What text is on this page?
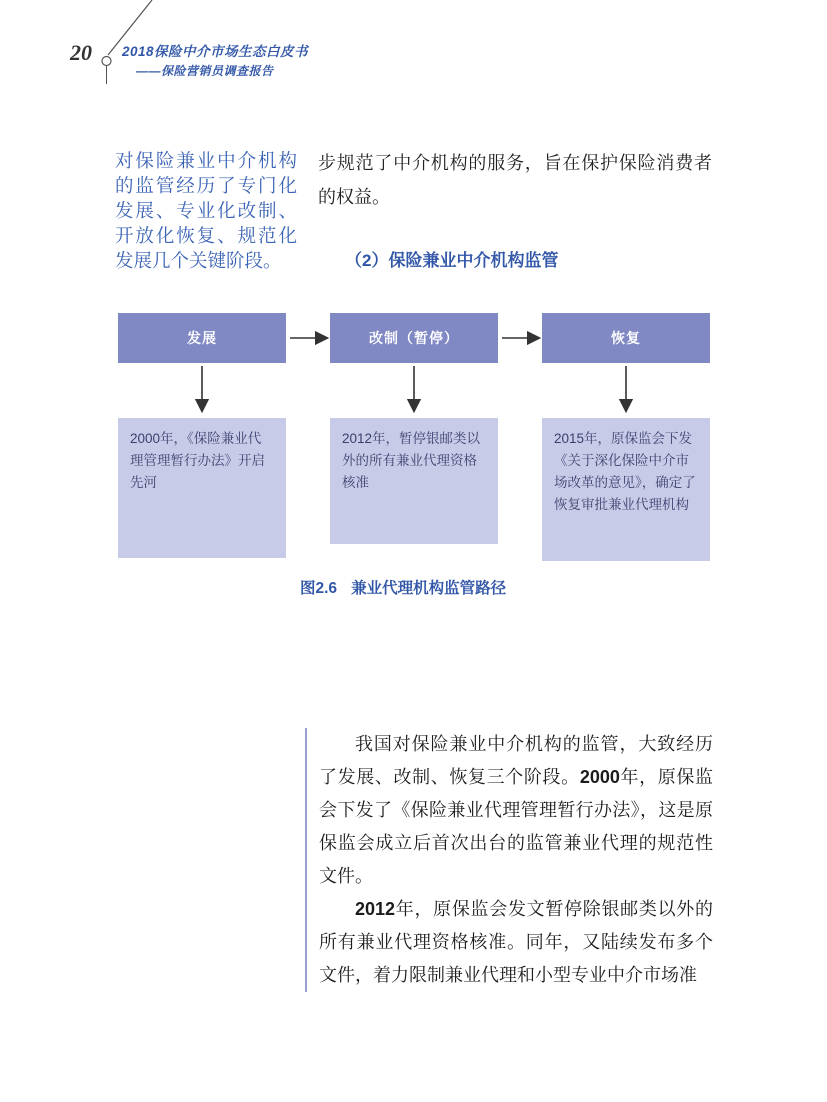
20 2018保险中介市场生态白皮书
——保险营销员调查报告
对保险兼业中介机构的监管经历了专门化发展、专业化改制、开放化恢复、规范化发展几个关键阶段。
步规范了中介机构的服务，旨在保护保险消费者的权益。
（2）保险兼业中介机构监管
发展	改制（暂停）	恢复
2000年，《保险兼业代理管理暂行办法》开启先河
2012年，暂停银邮类以外的所有兼业代理资格核准
2015年，原保监会下发《关于深化保险中介市场改革的意见》，确定了恢复审批兼业代理机构
图2.6 兼业代理机构监管路径

我国对保险兼业中介机构的监管，大致经历了发展、改制、恢复三个阶段。2000年，原保监会下发了《保险兼业代理管理暂行办法》，这是原保监会成立后首次出台的监管兼业代理的规范性文件。

2012年，原保监会发文暂停除银邮类以外的所有兼业代理资格核准。同年，又陆续发布多个文件，着力限制兼业代理和小型专业中介市场准
